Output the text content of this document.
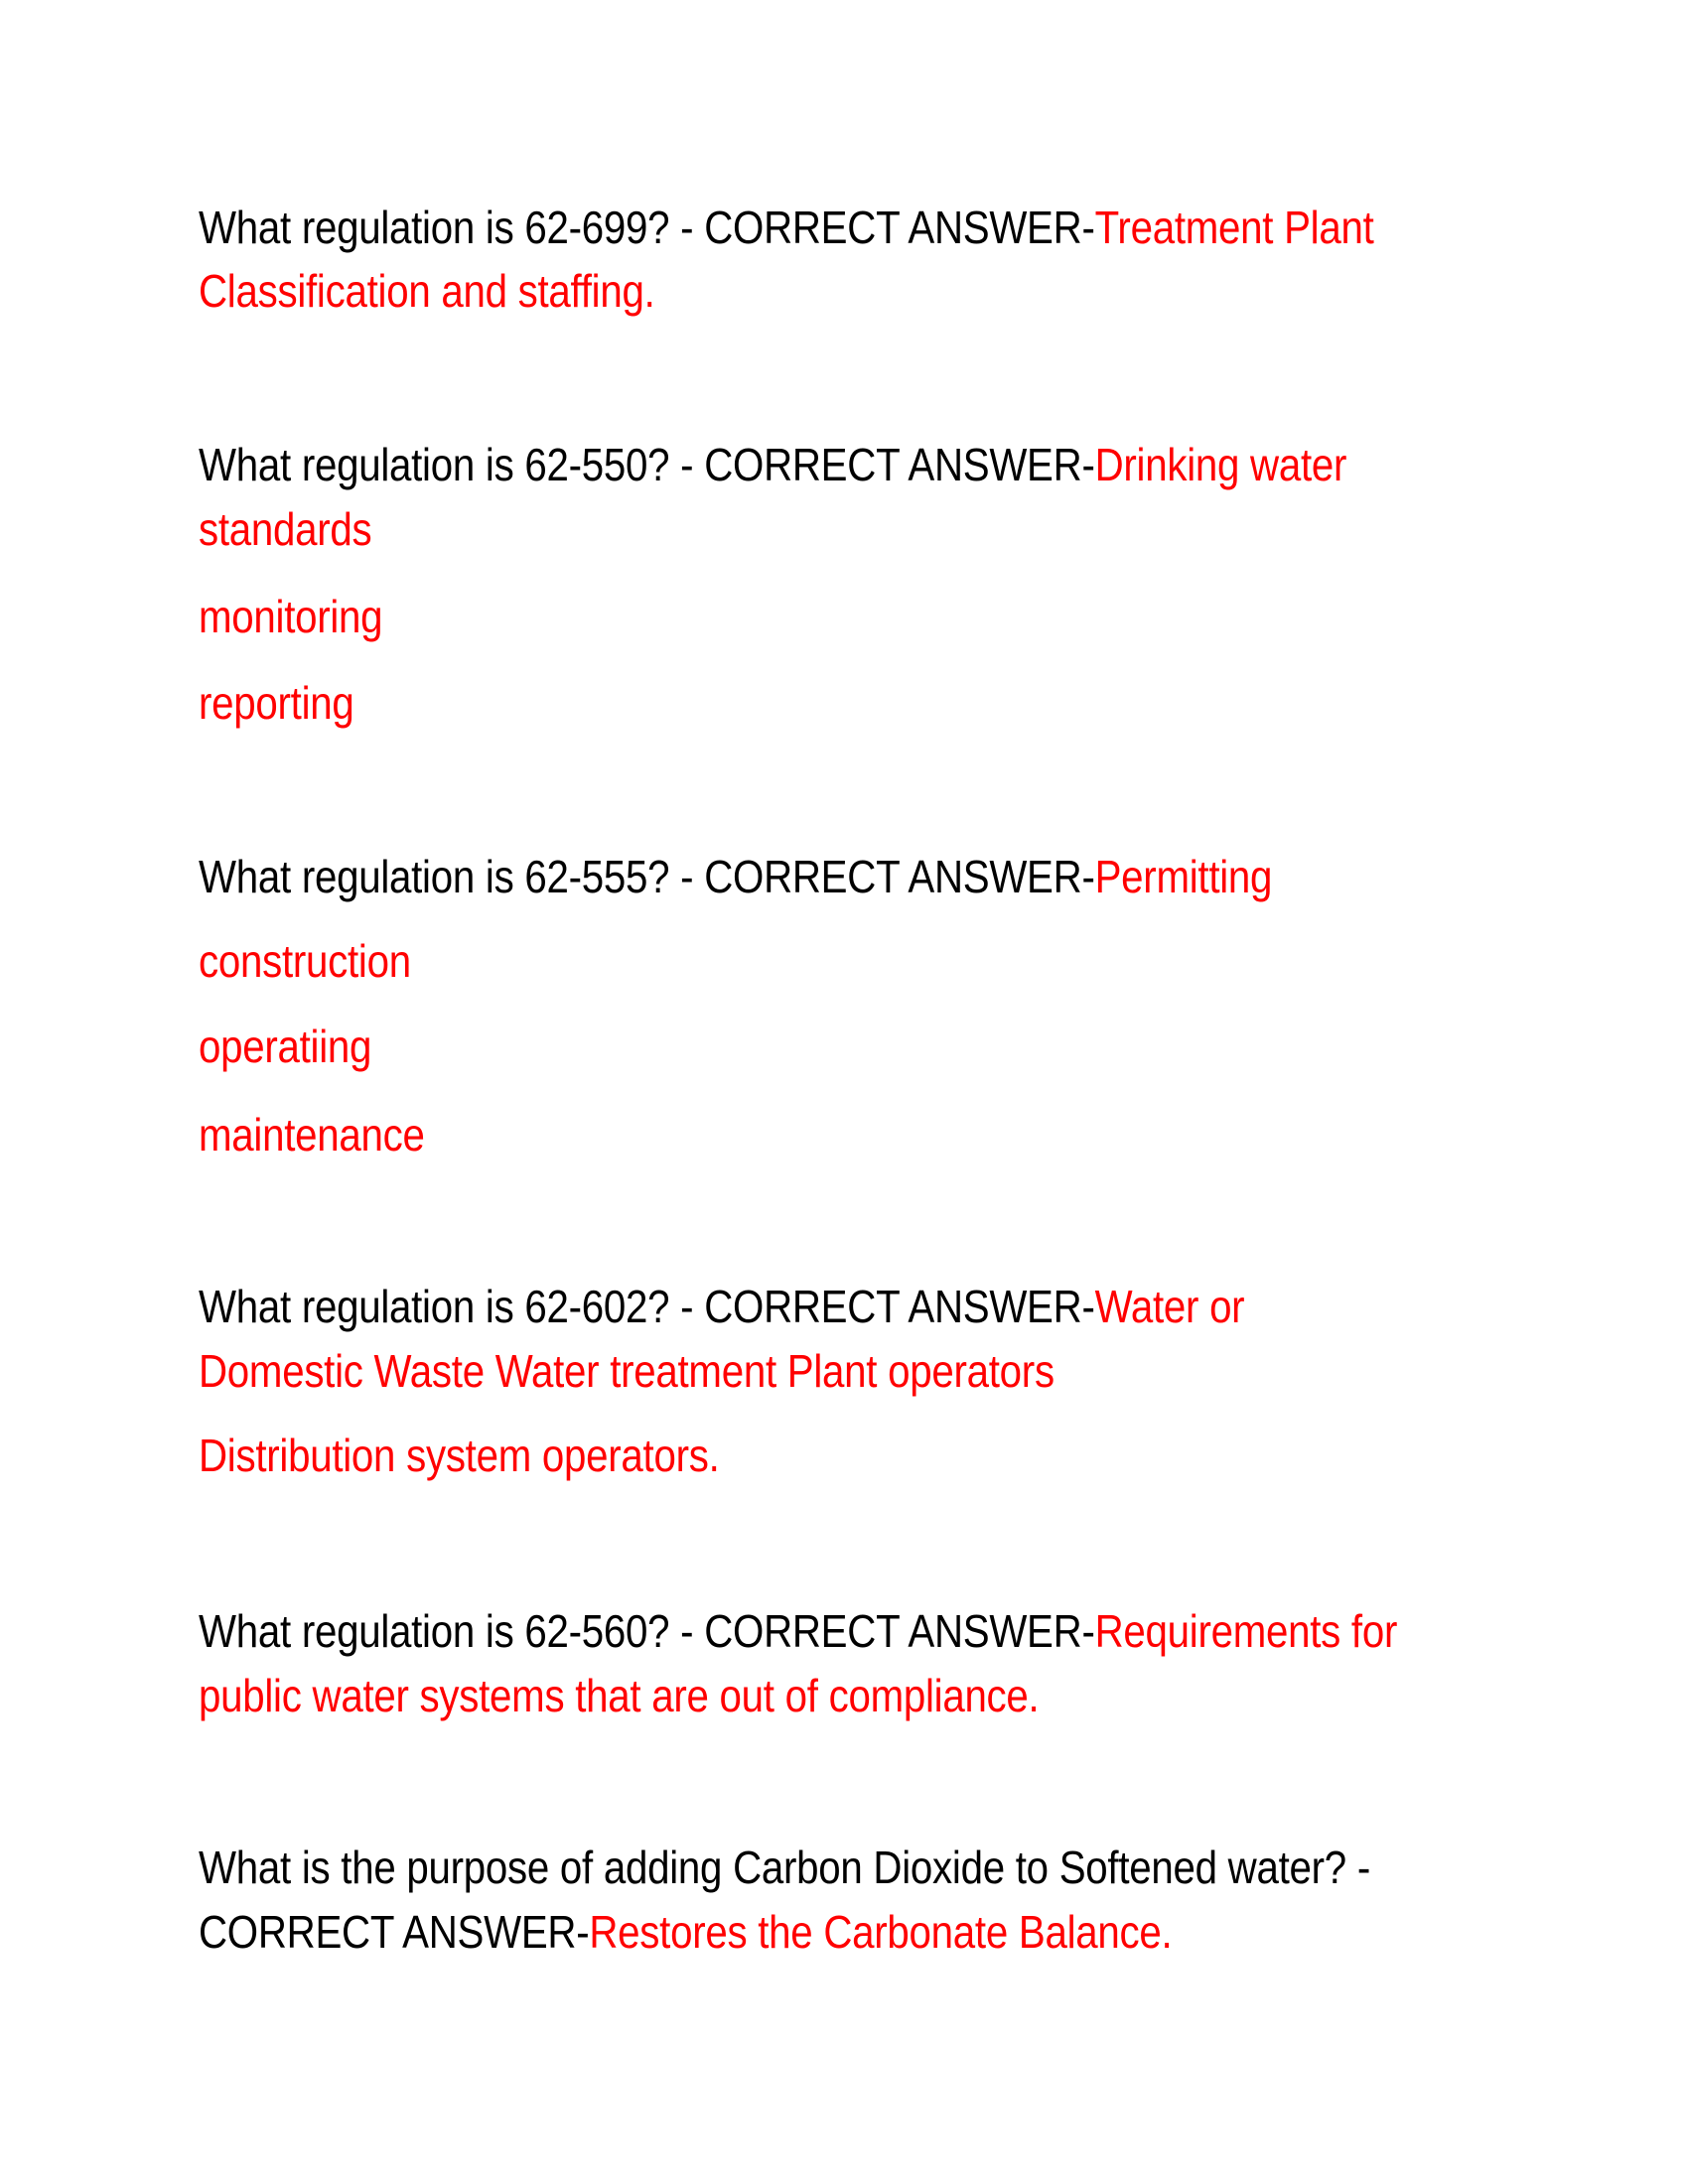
What regulation is 62-699? - CORRECT ANSWER-Treatment Plant
Classification and staffing.
What regulation is 62-550? - CORRECT ANSWER-Drinking water
standards
monitoring
reporting
What regulation is 62-555? - CORRECT ANSWER-Permitting
construction
operatiing
maintenance
What regulation is 62-602? - CORRECT ANSWER-Water or
Domestic Waste Water treatment Plant operators
Distribution system operators.
What regulation is 62-560? - CORRECT ANSWER-Requirements for
public water systems that are out of compliance.
What is the purpose of adding Carbon Dioxide to Softened water? -
CORRECT ANSWER-Restores the Carbonate Balance.
